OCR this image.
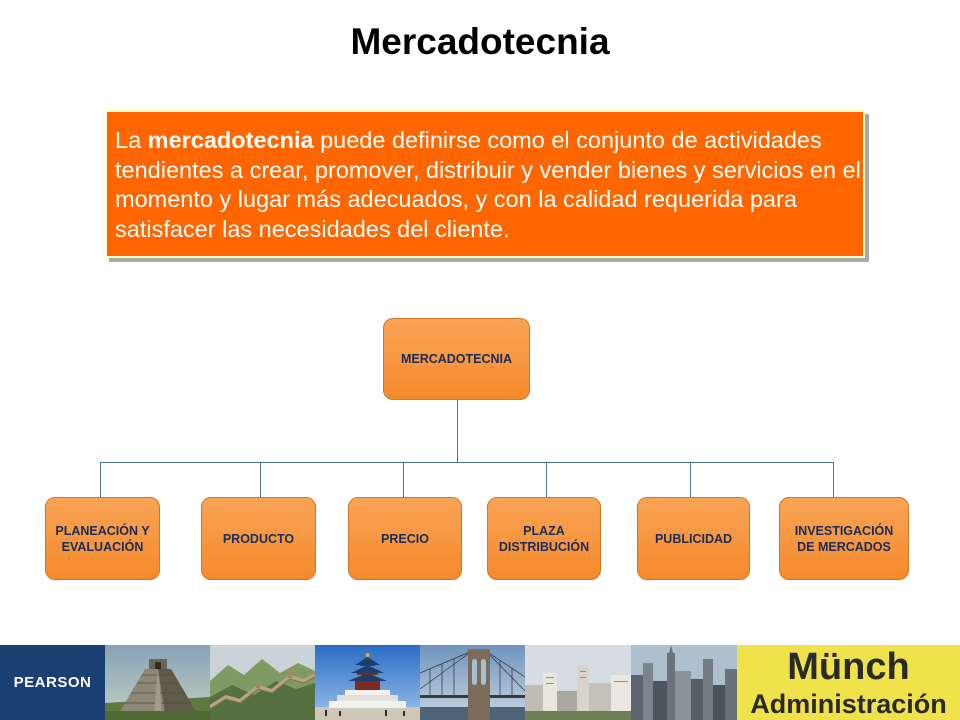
Mercadotecnia

La mercadotecnia puede definirse como el conjunto de actividades tendientes a crear, promover, distribuir y vender bienes y servicios en el momento y lugar más adecuados, y con la calidad requerida para satisfacer las necesidades del cliente.

MERCADOTECNIA
PLANEACIÓN Y
EVALUACIÓN
PRODUCTO	PRECIO
PLAZA
DISTRIBUCIÓN
PUBLICIDAD
INVESTIGACIÓN
DE MERCADOS
PEARSON	Münch
Administración
